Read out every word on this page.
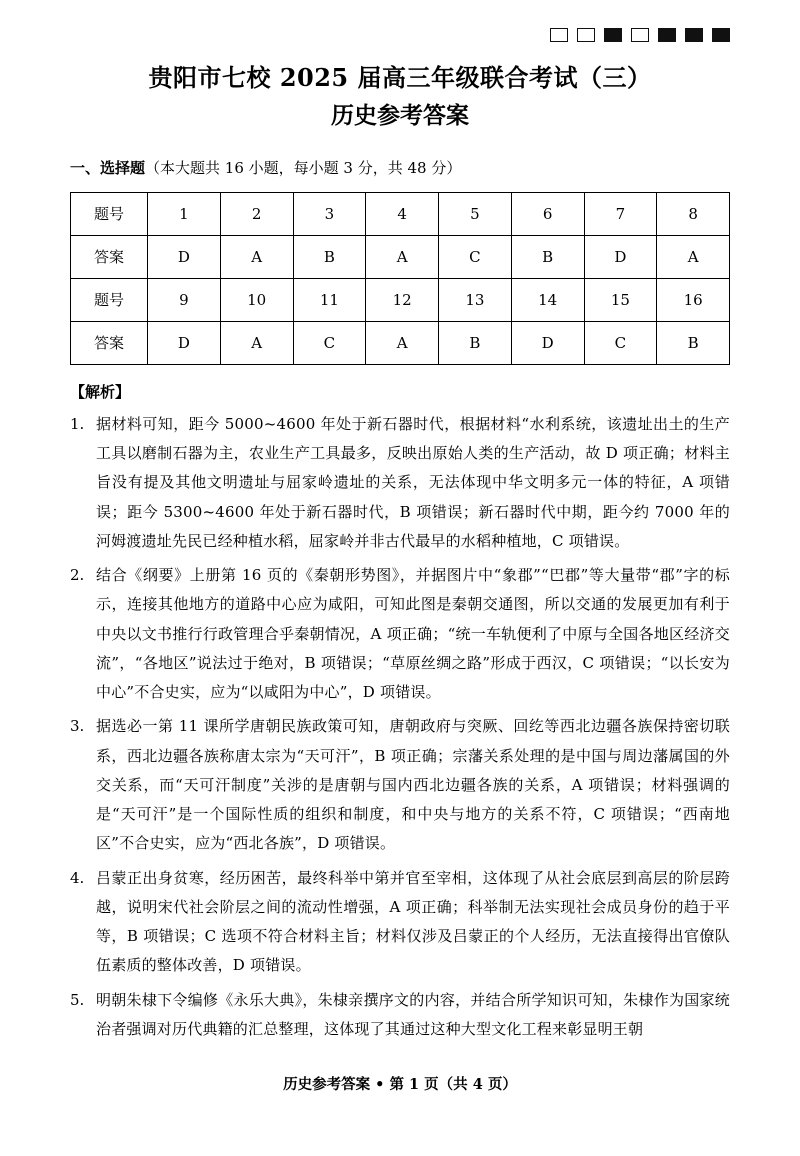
贵阳市七校 2025 届高三年级联合考试（三）
历史参考答案
一、选择题（本大题共 16 小题，每小题 3 分，共 48 分）
题号	1	2	3	4	5	6	7	8
答案	D	A	B	A	C	B	D	A
题号	9	10	11	12	13	14	15	16
答案	D	A	C	A	B	D	C	B
【解析】
1. 据材料可知，距今 5000~4600 年处于新石器时代，根据材料“水利系统，该遗址出土的生产工具以磨制石器为主，农业生产工具最多，反映出原始人类的生产活动，故 D 项正确；材料主旨没有提及其他文明遗址与屈家岭遗址的关系，无法体现中华文明多元一体的特征，A 项错误；距今 5300~4600 年处于新石器时代，B 项错误；新石器时代中期，距今约 7000 年的河姆渡遗址先民已经种植水稻，屈家岭并非古代最早的水稻种植地，C 项错误。
2. 结合《纲要》上册第 16 页的《秦朝形势图》，并据图片中“象郡”“巴郡”等大量带“郡”字的标示，连接其他地方的道路中心应为咸阳，可知此图是秦朝交通图，所以交通的发展更加有利于中央以文书推行行政管理合乎秦朝情况，A 项正确；“统一车轨便利了中原与全国各地区经济交流”，“各地区”说法过于绝对，B 项错误；“草原丝绸之路”形成于西汉，C 项错误；“以长安为中心”不合史实，应为“以咸阳为中心”，D 项错误。
3. 据选必一第 11 课所学唐朝民族政策可知，唐朝政府与突厥、回纥等西北边疆各族保持密切联系，西北边疆各族称唐太宗为“天可汗”，B 项正确；宗藩关系处理的是中国与周边藩属国的外交关系，而“天可汗制度”关涉的是唐朝与国内西北边疆各族的关系，A 项错误；材料强调的是“天可汗”是一个国际性质的组织和制度，和中央与地方的关系不符，C 项错误；“西南地区”不合史实，应为“西北各族”，D 项错误。
4. 吕蒙正出身贫寒，经历困苦，最终科举中第并官至宰相，这体现了从社会底层到高层的阶层跨越，说明宋代社会阶层之间的流动性增强，A 项正确；科举制无法实现社会成员身份的趋于平等，B 项错误；C 选项不符合材料主旨；材料仅涉及吕蒙正的个人经历，无法直接得出官僚队伍素质的整体改善，D 项错误。
5. 明朝朱棣下令编修《永乐大典》，朱棣亲撰序文的内容，并结合所学知识可知，朱棣作为国家统治者强调对历代典籍的汇总整理，这体现了其通过这种大型文化工程来彰显明王朝
历史参考答案 • 第 1 页（共 4 页）
